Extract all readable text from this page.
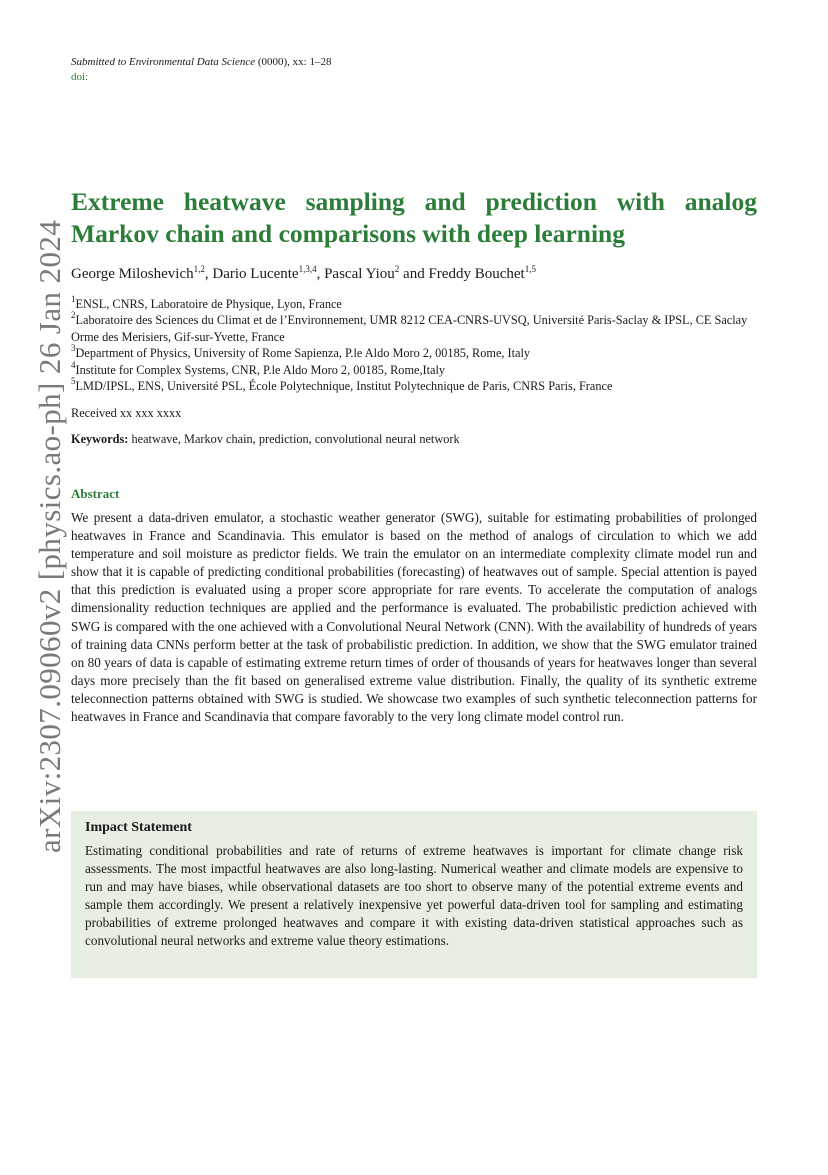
Submitted to Environmental Data Science (0000), xx: 1–28
doi:
arXiv:2307.09060v2 [physics.ao-ph] 26 Jan 2024
Extreme heatwave sampling and prediction with analog
Markov chain and comparisons with deep learning
George Miloshevich$^{1,2}$, Dario Lucente$^{1,3,4}$, Pascal Yiou$^2$ and Freddy Bouchet$^{1,5}$
$^1$ENSL, CNRS, Laboratoire de Physique, Lyon, France
$^2$Laboratoire des Sciences du Climat et de l’Environnement, UMR 8212 CEA-CNRS-UVSQ, Université Paris-Saclay & IPSL, CE Saclay Orme des Merisiers, Gif-sur-Yvette, France
$^3$Department of Physics, University of Rome Sapienza, P.le Aldo Moro 2, 00185, Rome, Italy
$^4$Institute for Complex Systems, CNR, P.le Aldo Moro 2, 00185, Rome,Italy
$^5$LMD/IPSL, ENS, Université PSL, École Polytechnique, Institut Polytechnique de Paris, CNRS Paris, France
Received xx xxx xxxx
Keywords: heatwave, Markov chain, prediction, convolutional neural network
Abstract

We present a data-driven emulator, a stochastic weather generator (SWG), suitable for estimating probabilities of prolonged heatwaves in France and Scandinavia. This emulator is based on the method of analogs of circulation to which we add temperature and soil moisture as predictor fields. We train the emulator on an intermediate complexity climate model run and show that it is capable of predicting conditional probabilities (forecasting) of heatwaves out of sample. Special attention is payed that this prediction is evaluated using a proper score appropriate for rare events. To accelerate the computation of analogs dimensionality reduction techniques are applied and the performance is evaluated. The probabilistic prediction achieved with SWG is compared with the one achieved with a Convolutional Neural Network (CNN). With the availability of hundreds of years of training data CNNs perform better at the task of probabilistic prediction. In addition, we show that the SWG emulator trained on 80 years of data is capable of estimating extreme return times of order of thousands of years for heatwaves longer than several days more precisely than the fit based on generalised extreme value distribution. Finally, the quality of its synthetic extreme teleconnection patterns obtained with SWG is studied. We showcase two examples of such synthetic teleconnection patterns for heatwaves in France and Scandinavia that compare favorably to the very long climate model control run.

Impact Statement

Estimating conditional probabilities and rate of returns of extreme heatwaves is important for climate change risk assessments. The most impactful heatwaves are also long-lasting. Numerical weather and climate models are expensive to run and may have biases, while observational datasets are too short to observe many of the potential extreme events and sample them accordingly. We present a relatively inexpensive yet powerful data-driven tool for sampling and estimating probabilities of extreme prolonged heatwaves and compare it with existing data-driven statistical approaches such as convolutional neural networks and extreme value theory estimations.
